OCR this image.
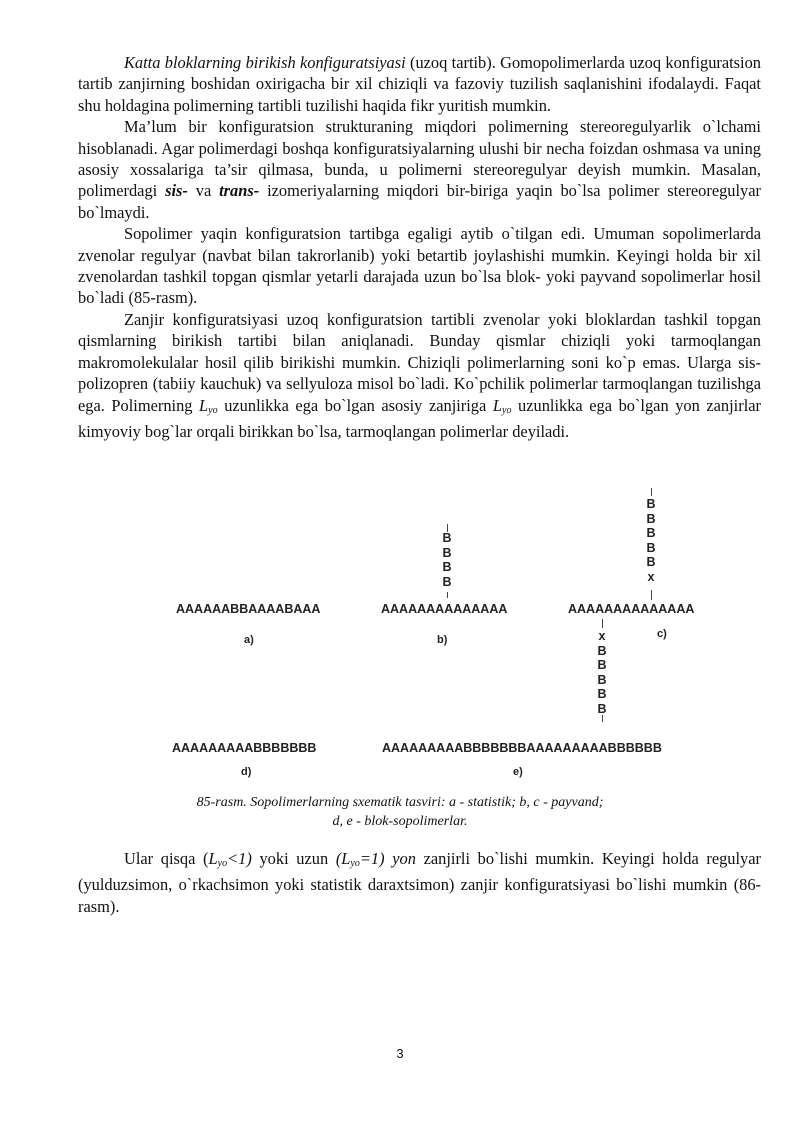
Katta bloklarning birikish konfiguratsiyasi (uzoq tartib). Gomopolimerlarda uzoq konfiguratsion tartib zanjirning boshidan oxirigacha bir xil chiziqli va fazoviy tuzilish saqlanishini ifodalaydi. Faqat shu holdagina polimerning tartibli tuzilishi haqida fikr yuritish mumkin.

Ma’lum bir konfiguratsion strukturaning miqdori polimerning stereoregulyarlik o`lchami hisoblanadi. Agar polimerdagi boshqa konfiguratsiyalarning ulushi bir necha foizdan oshmasa va uning asosiy xossalariga ta’sir qilmasa, bunda, u polimerni stereoregulyar deyish mumkin. Masalan, polimerdagi sis- va trans- izomeriyalarning miqdori bir-biriga yaqin bo`lsa polimer stereoregulyar bo`lmaydi.

Sopolimer yaqin konfiguratsion tartibga egaligi aytib o`tilgan edi. Umuman sopolimerlarda zvenolar regulyar (navbat bilan takrorlanib) yoki betartib joylashishi mumkin. Keyingi holda bir xil zvenolardan tashkil topgan qismlar yetarli darajada uzun bo`lsa blok- yoki payvand sopolimerlar hosil bo`ladi (85-rasm).

Zanjir konfiguratsiyasi uzoq konfiguratsion tartibli zvenolar yoki bloklardan tashkil topgan qismlarning birikish tartibi bilan aniqlanadi. Bunday qismlar chiziqli yoki tarmoqlangan makromolekulalar hosil qilib birikishi mumkin. Chiziqli polimerlarning soni ko`p emas. Ularga sis-polizopren (tabiiy kauchuk) va sellyuloza misol bo`ladi. Ko`pchilik polimerlar tarmoqlangan tuzilishga ega. Polimerning $L_{yo}$ uzunlikka ega bo`lgan asosiy zanjiriga $L_{yo}$ uzunlikka ega bo`lgan yon zanjirlar kimyoviy bog`lar orqali birikkan bo`lsa, tarmoqlangan polimerlar deyiladi.

AAAAAABBAAAABAAA
a)
B
B
B
B
AAAAAAAAAAAAAA
b)
B
B
B
B
B
x
AAAAAAAAAAAAAA
c)
x
B
B
B
B
B
AAAAAAAAABBBBBBB
d)
AAAAAAAAABBBBBBBAAAAAAAAABBBBBB
e)
85-rasm. Sopolimerlarning sxematik tasviri: a - statistik; b, c - payvand;
d, e - blok-sopolimerlar.

Ular qisqa $(L_{yo}<1)$ yoki uzun $(L_{yo}=1)$ yon zanjirli bo`lishi mumkin. Keyingi holda regulyar (yulduzsimon, o`rkachsimon yoki statistik daraxtsimon) zanjir konfiguratsiyasi bo`lishi mumkin (86- rasm).

3
